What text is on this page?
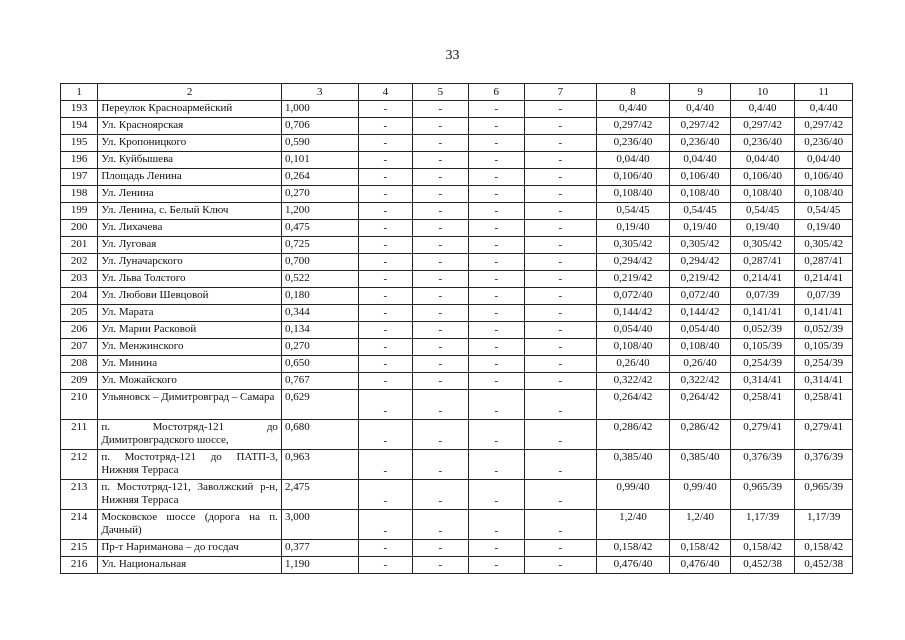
33
1	2	3	4	5	6	7	8	9	10	11
193	Переулок Красноармейский	1,000	-	-	-	-	0,4/40	0,4/40	0,4/40	0,4/40
194	Ул. Красноярская	0,706	-	-	-	-	0,297/42	0,297/42	0,297/42	0,297/42
195	Ул. Кропоницкого	0,590	-	-	-	-	0,236/40	0,236/40	0,236/40	0,236/40
196	Ул. Куйбышева	0,101	-	-	-	-	0,04/40	0,04/40	0,04/40	0,04/40
197	Площадь Ленина	0,264	-	-	-	-	0,106/40	0,106/40	0,106/40	0,106/40
198	Ул. Ленина	0,270	-	-	-	-	0,108/40	0,108/40	0,108/40	0,108/40
199	Ул. Ленина, с. Белый Ключ	1,200	-	-	-	-	0,54/45	0,54/45	0,54/45	0,54/45
200	Ул. Лихачева	0,475	-	-	-	-	0,19/40	0,19/40	0,19/40	0,19/40
201	Ул. Луговая	0,725	-	-	-	-	0,305/42	0,305/42	0,305/42	0,305/42
202	Ул. Луначарского	0,700	-	-	-	-	0,294/42	0,294/42	0,287/41	0,287/41
203	Ул. Льва Толстого	0,522	-	-	-	-	0,219/42	0,219/42	0,214/41	0,214/41
204	Ул. Любови Шевцовой	0,180	-	-	-	-	0,072/40	0,072/40	0,07/39	0,07/39
205	Ул. Марата	0,344	-	-	-	-	0,144/42	0,144/42	0,141/41	0,141/41
206	Ул. Марии Расковой	0,134	-	-	-	-	0,054/40	0,054/40	0,052/39	0,052/39
207	Ул. Менжинского	0,270	-	-	-	-	0,108/40	0,108/40	0,105/39	0,105/39
208	Ул. Минина	0,650	-	-	-	-	0,26/40	0,26/40	0,254/39	0,254/39
209	Ул. Можайского	0,767	-	-	-	-	0,322/42	0,322/42	0,314/41	0,314/41
210	Ульяновск – Димитровград – Самара	0,629	-	-	-	-	0,264/42	0,264/42	0,258/41	0,258/41
211	п. Мостотряд-121 до Димитровградского шоссе,	0,680	-	-	-	-	0,286/42	0,286/42	0,279/41	0,279/41
212	п. Мостотряд-121 до ПАТП-3, Нижняя Терраса	0,963	-	-	-	-	0,385/40	0,385/40	0,376/39	0,376/39
213	п. Мостотряд-121, Заволжский р-н, Нижняя Терраса	2,475	-	-	-	-	0,99/40	0,99/40	0,965/39	0,965/39
214	Московское шоссе (дорога на п. Дачный)	3,000	-	-	-	-	1,2/40	1,2/40	1,17/39	1,17/39
215	Пр-т Нариманова – до госдач	0,377	-	-	-	-	0,158/42	0,158/42	0,158/42	0,158/42
216	Ул. Национальная	1,190	-	-	-	-	0,476/40	0,476/40	0,452/38	0,452/38
